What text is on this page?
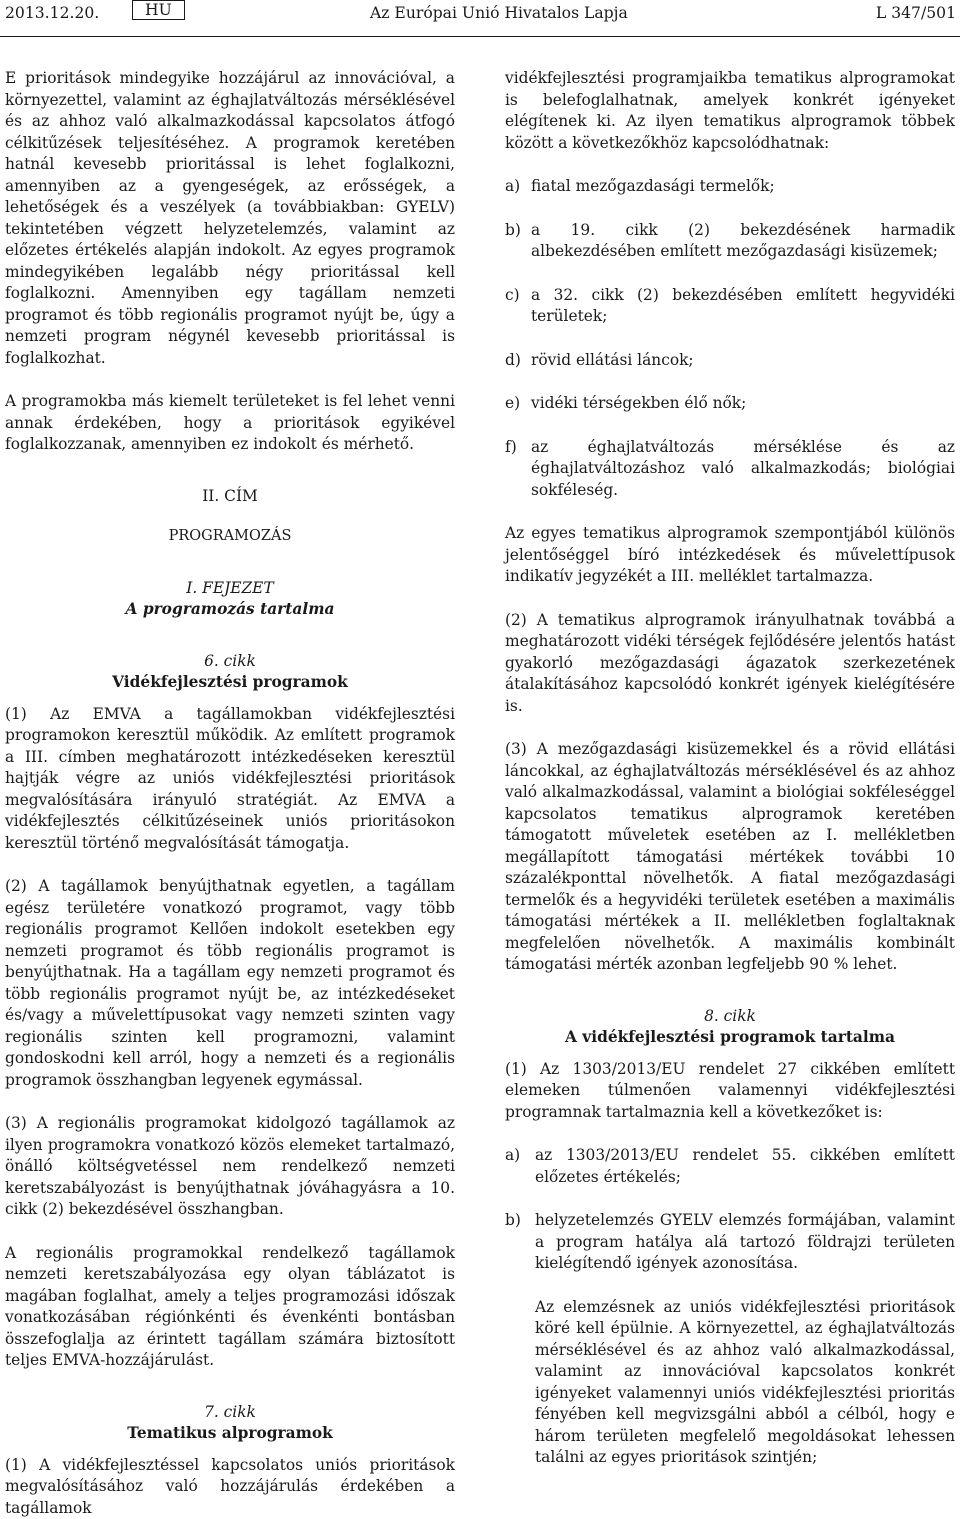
2013.12.20.	HU	Az Európai Unió Hivatalos Lapja	L 347/501

E prioritások mindegyike hozzájárul az innovációval, a környezettel, valamint az éghajlatváltozás mérséklésével és az ahhoz való alkalmazkodással kapcsolatos átfogó célkitűzések teljesítéséhez. A programok keretében hatnál kevesebb prioritással is lehet foglalkozni, amennyiben az a gyengeségek, az erősségek, a lehetőségek és a veszélyek (a továbbiakban: GYELV) tekintetében végzett helyzetelemzés, valamint az előzetes értékelés alapján indokolt. Az egyes programok mindegyikében legalább négy prioritással kell foglalkozni. Amennyiben egy tagállam nemzeti programot és több regionális programot nyújt be, úgy a nemzeti program négynél kevesebb prioritással is foglalkozhat.

A programokba más kiemelt területeket is fel lehet venni annak érdekében, hogy a prioritások egyikével foglalkozzanak, amennyiben ez indokolt és mérhető.

II. CÍM

PROGRAMOZÁS

I. FEJEZET

A programozás tartalma

6. cikk

Vidékfejlesztési programok

(1) Az EMVA a tagállamokban vidékfejlesztési programokon keresztül működik. Az említett programok a III. címben meghatározott intézkedéseken keresztül hajtják végre az uniós vidékfejlesztési prioritások megvalósítására irányuló stratégiát. Az EMVA a vidékfejlesztés célkitűzéseinek uniós prioritásokon keresztül történő megvalósítását támogatja.

(2) A tagállamok benyújthatnak egyetlen, a tagállam egész területére vonatkozó programot, vagy több regionális programot Kellően indokolt esetekben egy nemzeti programot és több regionális programot is benyújthatnak. Ha a tagállam egy nemzeti programot és több regionális programot nyújt be, az intézkedéseket és/vagy a művelettípusokat vagy nemzeti szinten vagy regionális szinten kell programozni, valamint gondoskodni kell arról, hogy a nemzeti és a regionális programok összhangban legyenek egymással.

(3) A regionális programokat kidolgozó tagállamok az ilyen programokra vonatkozó közös elemeket tartalmazó, önálló költségvetéssel nem rendelkező nemzeti keretszabályozást is benyújthatnak jóváhagyásra a 10. cikk (2) bekezdésével összhangban.

A regionális programokkal rendelkező tagállamok nemzeti keretszabályozása egy olyan táblázatot is magában foglalhat, amely a teljes programozási időszak vonatkozásában régiónkénti és évenkénti bontásban összefoglalja az érintett tagállam számára biztosított teljes EMVA-hozzájárulást.

7. cikk

Tematikus alprogramok

(1) A vidékfejlesztéssel kapcsolatos uniós prioritások megvalósításához való hozzájárulás érdekében a tagállamok

vidékfejlesztési programjaikba tematikus alprogramokat is belefoglalhatnak, amelyek konkrét igényeket elégítenek ki. Az ilyen tematikus alprogramok többek között a következőkhöz kapcsolódhatnak:

a) fiatal mezőgazdasági termelők;
b) a 19. cikk (2) bekezdésének harmadik albekezdésében említett mezőgazdasági kisüzemek;
c) a 32. cikk (2) bekezdésében említett hegyvidéki területek;
d) rövid ellátási láncok;
e) vidéki térségekben élő nők;
f) az éghajlatváltozás mérséklése és az éghajlatváltozáshoz való alkalmazkodás; biológiai sokféleség.

Az egyes tematikus alprogramok szempontjából különös jelentőséggel bíró intézkedések és művelettípusok indikatív jegyzékét a III. melléklet tartalmazza.

(2) A tematikus alprogramok irányulhatnak továbbá a meghatározott vidéki térségek fejlődésére jelentős hatást gyakorló mezőgazdasági ágazatok szerkezetének átalakításához kapcsolódó konkrét igények kielégítésére is.

(3) A mezőgazdasági kisüzemekkel és a rövid ellátási láncokkal, az éghajlatváltozás mérséklésével és az ahhoz való alkalmazkodással, valamint a biológiai sokféleséggel kapcsolatos tematikus alprogramok keretében támogatott műveletek esetében az I. mellékletben megállapított támogatási mértékek további 10 százalékponttal növelhetők. A fiatal mezőgazdasági termelők és a hegyvidéki területek esetében a maximális támogatási mértékek a II. mellékletben foglaltaknak megfelelően növelhetők. A maximális kombinált támogatási mérték azonban legfeljebb 90 % lehet.

8. cikk

A vidékfejlesztési programok tartalma

(1) Az 1303/2013/EU rendelet 27 cikkében említett elemeken túlmenően valamennyi vidékfejlesztési programnak tartalmaznia kell a következőket is:

a) az 1303/2013/EU rendelet 55. cikkében említett előzetes értékelés;
b) helyzetelemzés GYELV elemzés formájában, valamint a program hatálya alá tartozó földrajzi területen kielégítendő igények azonosítása.

Az elemzésnek az uniós vidékfejlesztési prioritások köré kell épülnie. A környezettel, az éghajlatváltozás mérséklésével és az ahhoz való alkalmazkodással, valamint az innovációval kapcsolatos konkrét igényeket valamennyi uniós vidékfejlesztési prioritás fényében kell megvizsgálni abból a célból, hogy e három területen megfelelő megoldásokat lehessen találni az egyes prioritások szintjén;
